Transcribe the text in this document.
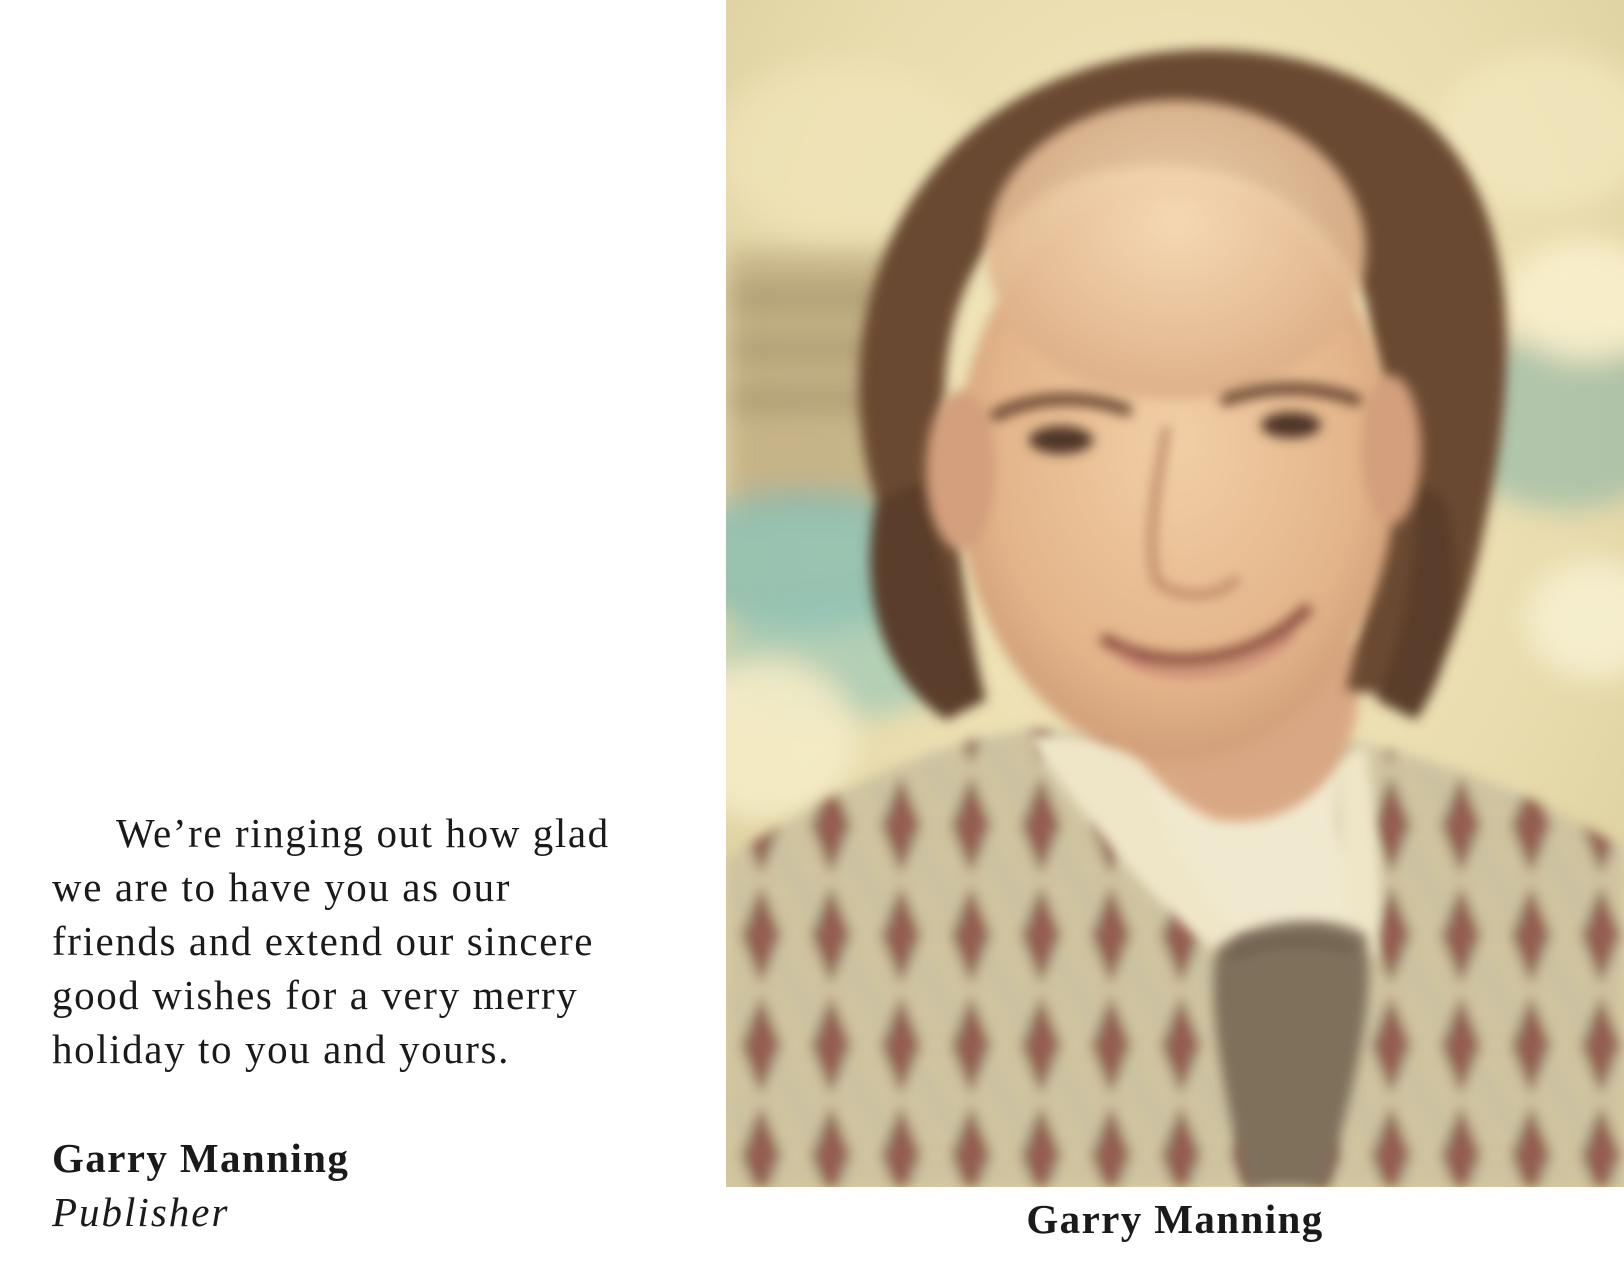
We’re ringing out how glad
we are to have you as our
friends and extend our sincere
good wishes for a very merry
holiday to you and yours.
Garry Manning
Publisher	Garry Manning
